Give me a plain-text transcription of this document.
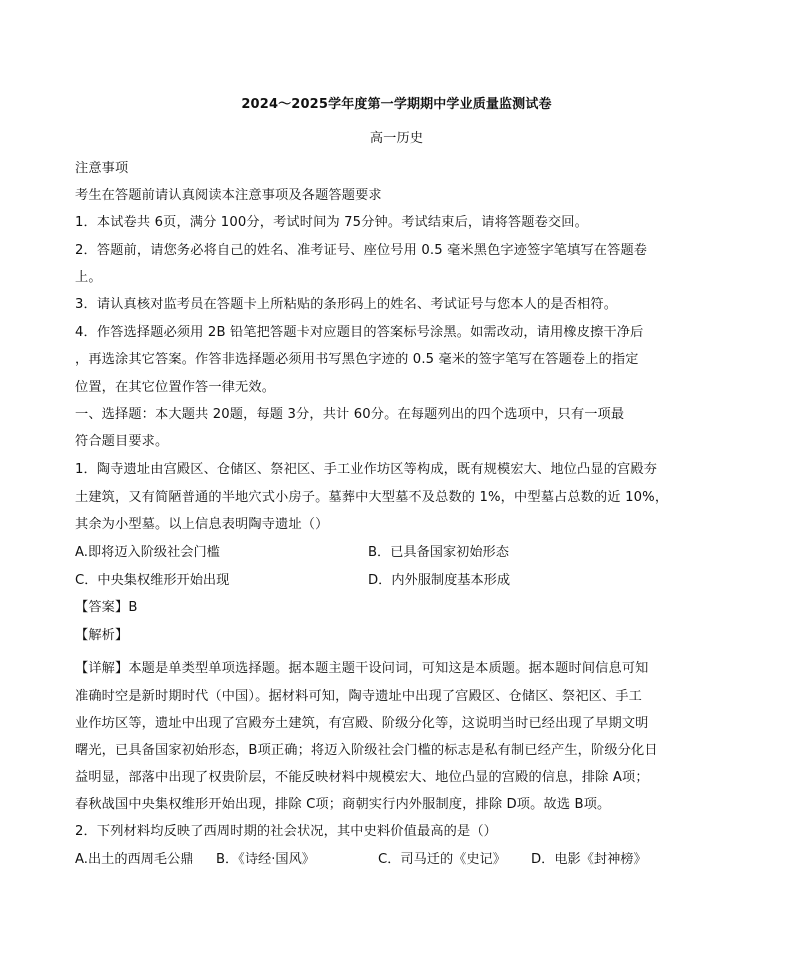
2024～2025学年度第一学期期中学业质量监测试卷
高一历史
注意事项
考生在答题前请认真阅读本注意事项及各题答题要求
1．本试卷共 6页，满分 100分，考试时间为 75分钟。考试结束后，请将答题卷交回。
2．答题前，请您务必将自己的姓名、准考证号、座位号用 0.5 毫米黑色字迹签字笔填写在答题卷
上。
3．请认真核对监考员在答题卡上所粘贴的条形码上的姓名、考试证号与您本人的是否相符。
4．作答选择题必须用 2B 铅笔把答题卡对应题目的答案标号涂黑。如需改动，请用橡皮擦干净后
，再选涂其它答案。作答非选择题必须用书写黑色字迹的 0.5 毫米的签字笔写在答题卷上的指定
位置，在其它位置作答一律无效。
一、选择题：本大题共 20题，每题 3分，共计 60分。在每题列出的四个选项中，只有一项最
符合题目要求。
1．陶寺遗址由宫殿区、仓储区、祭祀区、手工业作坊区等构成，既有规模宏大、地位凸显的宫殿夯
土建筑，又有简陋普通的半地穴式小房子。墓葬中大型墓不及总数的 1%，中型墓占总数的近 10%，
其余为小型墓。以上信息表明陶寺遗址（）
A.即将迈入阶级社会门槛	B．已具备国家初始形态
C．中央集权维形开始出现	D．内外服制度基本形成
【答案】B
【解析】
【详解】本题是单类型单项选择题。据本题主题干设问词，可知这是本质题。据本题时间信息可知
准确时空是新时期时代（中国）。据材料可知，陶寺遗址中出现了宫殿区、仓储区、祭祀区、手工
业作坊区等，遗址中出现了宫殿夯土建筑，有宫殿、阶级分化等，这说明当时已经出现了早期文明
曙光，已具备国家初始形态，B项正确；将迈入阶级社会门槛的标志是私有制已经产生，阶级分化日
益明显，部落中出现了权贵阶层，不能反映材料中规模宏大、地位凸显的宫殿的信息，排除 A项；
春秋战国中央集权维形开始出现，排除 C项；商朝实行内外服制度，排除 D项。故选 B项。
2．下列材料均反映了西周时期的社会状况，其中史料价值最高的是（）
A.出土的西周毛公鼎 B．《诗经·国风》	C．司马迁的《史记》 D．电影《封神榜》
